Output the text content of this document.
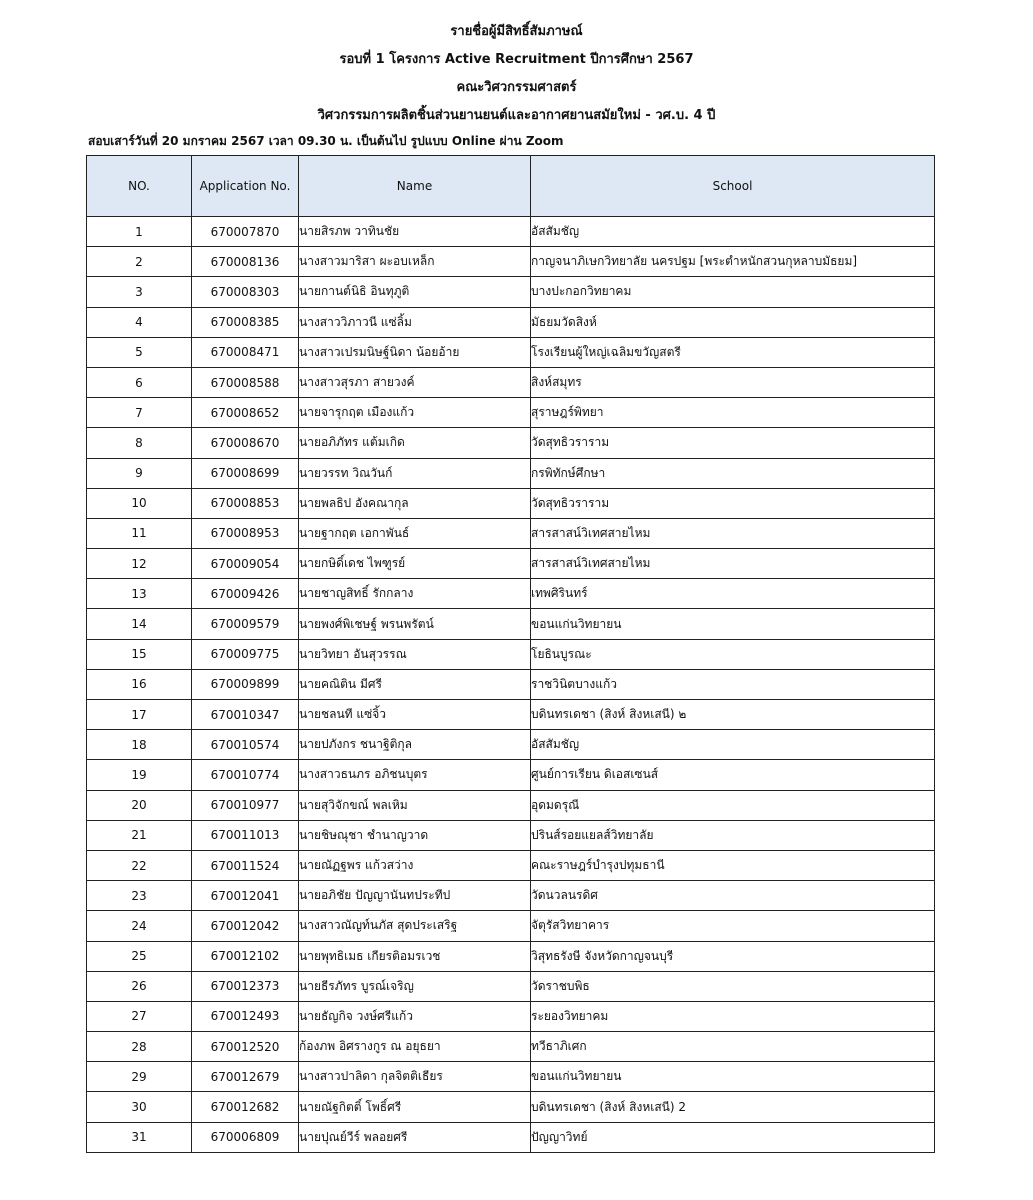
รายชื่อผู้มีสิทธิ์สัมภาษณ์
รอบที่ 1 โครงการ Active Recruitment ปีการศึกษา 2567
คณะวิศวกรรมศาสตร์
วิศวกรรมการผลิตชิ้นส่วนยานยนต์และอากาศยานสมัยใหม่ - วศ.บ. 4 ปี
สอบเสาร์วันที่ 20 มกราคม 2567 เวลา 09.30 น. เป็นต้นไป รูปแบบ Online ผ่าน Zoom
NO.	Application No.	Name	School
1	670007870	นายสิรภพ วาทินชัย	อัสสัมชัญ
2	670008136	นางสาวมาริสา ผะอบเหล็ก	กาญจนาภิเษกวิทยาลัย นครปฐม [พระตำหนักสวนกุหลาบมัธยม]
3	670008303	นายกานต์นิธิ อินทุภูติ	บางปะกอกวิทยาคม
4	670008385	นางสาววิภาวนี แซ่ลิ้ม	มัธยมวัดสิงห์
5	670008471	นางสาวเปรมนิษฐ์นิดา น้อยอ้าย	โรงเรียนผู้ใหญ่เฉลิมขวัญสตรี
6	670008588	นางสาวสุรภา สายวงค์	สิงห์สมุทร
7	670008652	นายจารุกฤต เมืองแก้ว	สุราษฎร์พิทยา
8	670008670	นายอภิภัทร แต้มเกิด	วัดสุทธิวราราม
9	670008699	นายวรรท วิณวันก์	กรพิทักษ์ศึกษา
10	670008853	นายพลธิป อังคณากุล	วัดสุทธิวราราม
11	670008953	นายฐากฤต เอกาพันธ์	สารสาสน์วิเทศสายไหม
12	670009054	นายกษิดิ์เดช ไพฑูรย์	สารสาสน์วิเทศสายไหม
13	670009426	นายชาญสิทธิ์ รักกลาง	เทพศิรินทร์
14	670009579	นายพงศ์พิเชษฐ์ พรนพรัตน์	ขอนแก่นวิทยายน
15	670009775	นายวิทยา อันสุวรรณ	โยธินบูรณะ
16	670009899	นายคณิติน มีศรี	ราชวินิตบางแก้ว
17	670010347	นายชลนที แซ่จิ้ว	บดินทรเดชา (สิงห์ สิงหเสนี) ๒
18	670010574	นายปภังกร ชนาฐิติกุล	อัสสัมชัญ
19	670010774	นางสาวธนภร อภิชนบุตร	ศูนย์การเรียน ดิเอสเซนส์
20	670010977	นายสุวิจักขณ์ พลเหิม	อุดมดรุณี
21	670011013	นายชิษณุชา ชำนาญวาด	ปรินส์รอยแยลส์วิทยาลัย
22	670011524	นายณัฏฐพร แก้วสว่าง	คณะราษฎร์บำรุงปทุมธานี
23	670012041	นายอภิชัย ปัญญานันทประทีป	วัดนวลนรดิศ
24	670012042	นางสาวณัญท์นภัส สุดประเสริฐ	จัตุรัสวิทยาคาร
25	670012102	นายพุทธิเมธ เกียรติอมรเวช	วิสุทธรังษี จังหวัดกาญจนบุรี
26	670012373	นายธีรภัทร บูรณ์เจริญ	วัดราชบพิธ
27	670012493	นายธัญกิจ วงษ์ศรีแก้ว	ระยองวิทยาคม
28	670012520	ก้องภพ อิศรางกูร ณ อยุธยา	ทวีธาภิเศก
29	670012679	นางสาวปาลิดา กุลจิตติเธียร	ขอนแก่นวิทยายน
30	670012682	นายณัฐกิตติ์ โพธิ์ศรี	บดินทรเดชา (สิงห์ สิงหเสนี) 2
31	670006809	นายปุณย์วีร์ พลอยศรี	ปัญญาวิทย์
